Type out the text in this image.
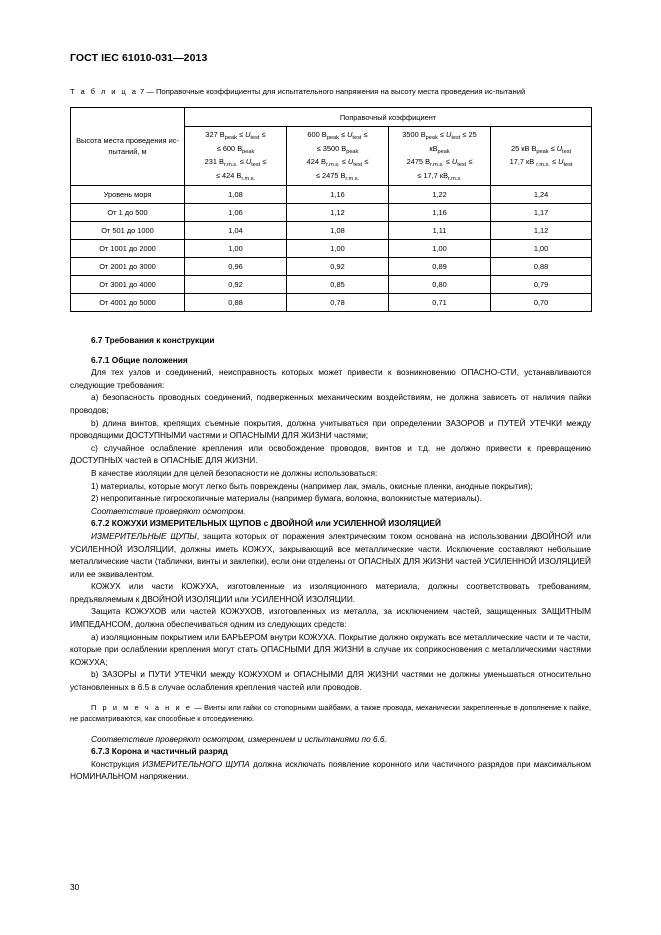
ГОСТ IEC 61010-031—2013

Т а б л и ц а 7 — Поправочные коэффициенты для испытательного напряжения на высоту места проведения ис-пытаний

Высота места проведения ис-пытаний, м	Поправочный коэффициент			
	327 $В_{peak} \le U_{test}$ ≤
≤ 600 $В_{peak}$
231 $В_{r.m.s.} \le U_{test}$ ≤
≤ 424 $В_{r.m.s.}$	600 $В_{peak} \le U_{test}$ ≤
≤ 3500 $В_{peak}$
424 $В_{r.m.s.} \le U_{test}$ ≤
≤ 2475 $В_{r.m.s.}$	3500 $В_{peak} \le U_{test} \le 25$
$кВ_{peak}$
2475 $В_{r.m.s.} \le U_{test}$ ≤
≤ 17,7 $кВ_{r.m.s.}$	25 кВ $В_{peak} \le U_{test}$
17,7 кВ $_{r.m.s.} \le U_{test}$
Уровень моря	1,08	1,16	1,22	1,24
От 1 до 500	1,06	1,12	1,16	1,17
От 501 до 1000	1,04	1,08	1,11	1,12
От 1001 до 2000	1,00	1,00	1,00	1,00
От 2001 до 3000	0,96	0,92	0,89	0,88
От 3001 до 4000	0,92	0,85	0,80	0,79
От 4001 до 5000	0,88	0,78	0,71	0,70

6.7 Требования к конструкции

6.7.1 Общие положения

Для тех узлов и соединений, неисправность которых может привести к возникновению ОПАСНО-СТИ, устанавливаются следующие требования:

a) безопасность проводных соединений, подверженных механическим воздействиям, не должна зависеть от наличия пайки проводов;

b) длина винтов, крепящих съемные покрытия, должна учитываться при определении ЗАЗОРОВ и ПУТЕЙ УТЕЧКИ между проводящими ДОСТУПНЫМИ частями и ОПАСНЫМИ ДЛЯ ЖИЗНИ частями;

c) случайное ослабление крепления или освобождение проводов, винтов и т.д. не должно привести к превращению ДОСТУПНЫХ частей в ОПАСНЫЕ ДЛЯ ЖИЗНИ.

В качестве изоляции для целей безопасности не должны использоваться:

1) материалы, которые могут легко быть повреждены (например лак, эмаль, окисные пленки, анодные покрытия);

2) непропитанные гигроскопичные материалы (например бумага, волокна, волокнистые материалы).

Соответствие проверяют осмотром.

6.7.2 КОЖУХИ ИЗМЕРИТЕЛЬНЫХ ЩУПОВ с ДВОЙНОЙ или УСИЛЕННОЙ ИЗОЛЯЦИЕЙ

ИЗМЕРИТЕЛЬНЫЕ ЩУПЫ, защита которых от поражения электрическим током основана на использовании ДВОЙНОЙ или УСИЛЕННОЙ ИЗОЛЯЦИИ, должны иметь КОЖУХ, закрывающий все металлические части. Исключение составляют небольшие металлические части (таблички, винты и заклепки), если они отделены от ОПАСНЫХ ДЛЯ ЖИЗНИ частей УСИЛЕННОЙ ИЗОЛЯЦИЕЙ или ее эквивалентом.

КОЖУХ или части КОЖУХА, изготовленные из изоляционного материала, должны соответствовать требованиям, предъявляемым к ДВОЙНОЙ ИЗОЛЯЦИИ или УСИЛЕННОЙ ИЗОЛЯЦИИ.

Защита КОЖУХОВ или частей КОЖУХОВ, изготовленных из металла, за исключением частей, защищенных ЗАЩИТНЫМ ИМПЕДАНСОМ, должна обеспечиваться одним из следующих средств:

a) изоляционным покрытием или БАРЬЕРОМ внутри КОЖУХА. Покрытие должно окружать все металлические части и те части, которые при ослаблении крепления могут стать ОПАСНЫМИ ДЛЯ ЖИЗНИ в случае их соприкосновения с металлическими частями КОЖУХА;

b) ЗАЗОРЫ и ПУТИ УТЕЧКИ между КОЖУХОМ и ОПАСНЫМИ ДЛЯ ЖИЗНИ частями не должны уменьшаться относительно установленных в 6.5 в случае ослабления крепления частей или проводов.

П р и м е ч а н и е — Винты или гайки со стопорными шайбами, а также провода, механически закрепленные в дополнение к пайке, не рассматриваются, как способные к отсоединению.

Соответствие проверяют осмотром, измерением и испытаниями по 6.6.

6.7.3 Корона и частичный разряд

Конструкция ИЗМЕРИТЕЛЬНОГО ЩУПА должна исключать появление коронного или частичного разрядов при максимальном НОМИНАЛЬНОМ напряжении.

30
